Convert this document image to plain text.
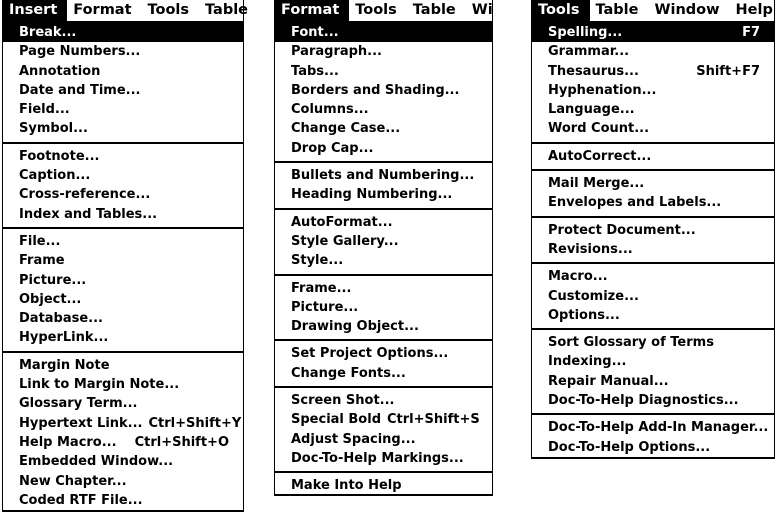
Insert	Format	Tools	Table
Break...
Page Numbers...
Annotation
Date and Time...
Field...
Symbol...
Footnote...
Caption...
Cross-reference...
Index and Tables...
File...
Frame
Picture...
Object...
Database...
HyperLink...
Margin Note
Link to Margin Note...
Glossary Term...
Hypertext Link... Ctrl+Shift+Y
Help Macro...	Ctrl+Shift+O
Embedded Window...
New Chapter...
Coded RTF File...
Format	Tools	Table	Wi
Font...
Paragraph...
Tabs...
Borders and Shading...
Columns...
Change Case...
Drop Cap...
Bullets and Numbering...
Heading Numbering...
AutoFormat...
Style Gallery...
Style...
Frame...
Picture...
Drawing Object...
Set Project Options...
Change Fonts...
Screen Shot...
Special Bold Ctrl+Shift+S
Adjust Spacing...
Doc-To-Help Markings...
Make Into Help
Tools	Table	Window	Help
Spelling...	F7
Grammar...
Thesaurus...	Shift+F7
Hyphenation...
Language...
Word Count...
AutoCorrect...
Mail Merge...
Envelopes and Labels...
Protect Document...
Revisions...
Macro...
Customize...
Options...
Sort Glossary of Terms
Indexing...
Repair Manual...
Doc-To-Help Diagnostics...
Doc-To-Help Add-In Manager...
Doc-To-Help Options...
